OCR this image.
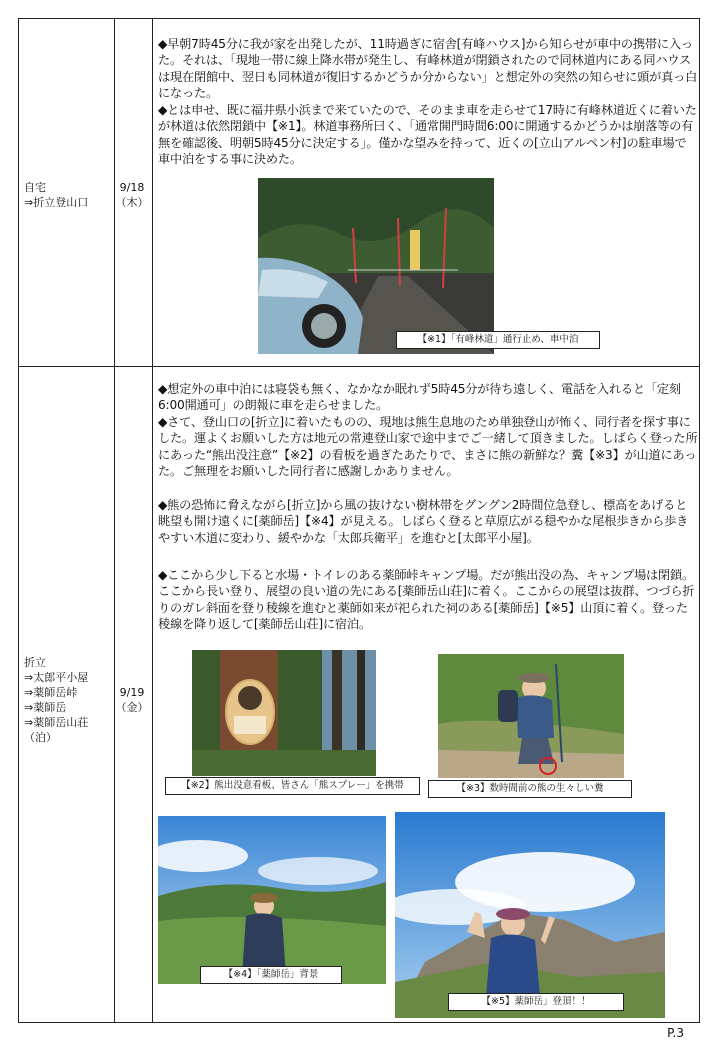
自宅
⇒折立登山口
9/18
（木）

◆早朝7時45分に我が家を出発したが、11時過ぎに宿舎[有峰ハウス]から知らせが車中の携帯に入った。それは、「現地一帯に線上降水帯が発生し、有峰林道が閉鎖されたので同林道内にある同ハウスは現在閉館中、翌日も同林道が復旧するかどうか分からない」と想定外の突然の知らせに頭が真っ白になった。

◆とは申せ、既に福井県小浜まで来ていたので、そのまま車を走らせて17時に有峰林道近くに着いたが林道は依然閉鎖中【※1】。林道事務所曰く、「通常開門時間6:00に開通するかどうかは崩落等の有無を確認後、明朝5時45分に決定する」。僅かな望みを持って、近くの[立山アルペン村]の駐車場で車中泊をする事に決めた。

【※1】「有峰林道」通行止め、車中泊
折立
⇒太郎平小屋
⇒薬師岳峠
⇒薬師岳
⇒薬師岳山荘
（泊）
9/19
（金）

◆想定外の車中泊には寝袋も無く、なかなか眠れず5時45分が待ち遠しく、電話を入れると「定刻6:00開通可」の朗報に車を走らせました。

◆さて、登山口の[折立]に着いたものの、現地は熊生息地のため単独登山が怖く、同行者を探す事にした。運よくお願いした方は地元の常連登山家で途中までご一緒して頂きました。しばらく登った所にあった“熊出没注意”【※2】の看板を過ぎたあたりで、まさに熊の新鮮な？糞【※3】が山道にあった。ご無理をお願いした同行者に感謝しかありません。

◆熊の恐怖に脅えながら[折立]から風の抜けない樹林帯をグングン2時間位急登し、標高をあげると眺望も開け遠くに[薬師岳]【※4】が見える。しばらく登ると草原広がる穏やかな尾根歩きから歩きやすい木道に変わり、緩やかな「太郎兵衛平」を進むと[太郎平小屋]。

◆ここから少し下ると水場・トイレのある薬師峠キャンプ場。だが熊出没の為、キャンプ場は閉鎖。ここから長い登り、展望の良い道の先にある[薬師岳山荘]に着く。ここからの展望は抜群、つづら折りのガレ斜面を登り稜線を進むと薬師如来が祀られた祠のある[薬師岳]【※5】山頂に着く。登った稜線を降り返して[薬師岳山荘]に宿泊。

【※2】熊出没意看板、皆さん「熊スプレー」を携帯	【※3】数時間前の熊の生々しい糞
【※4】「薬師岳」背景
【※5】薬師岳」登頂！！
P.3
